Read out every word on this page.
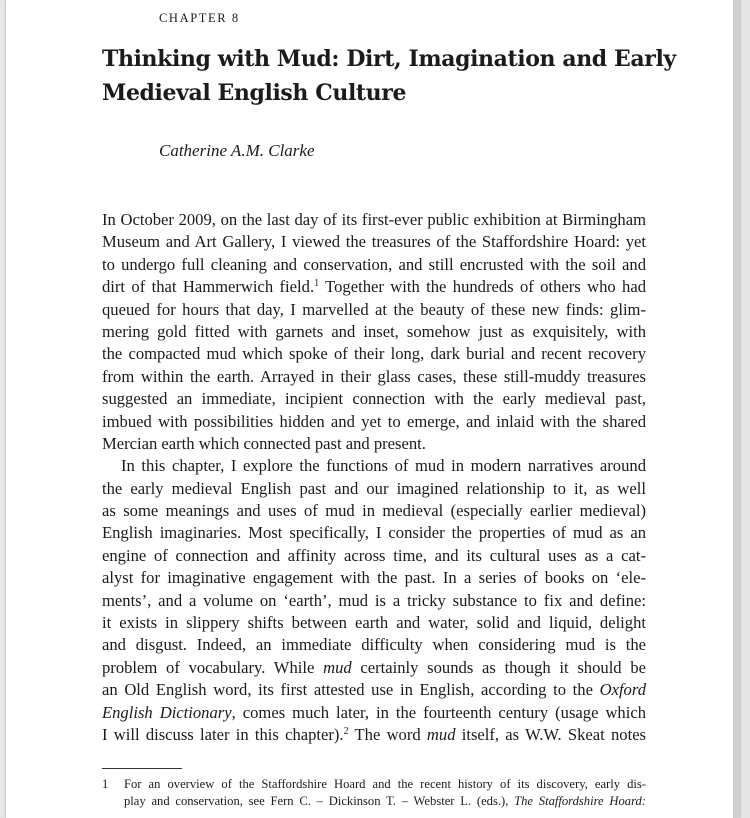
CHAPTER 8
Thinking with Mud: Dirt, Imagination and Early
Medieval English Culture
Catherine A.M. Clarke
In October 2009, on the last day of its first-ever public exhibition at Birmingham
Museum and Art Gallery, I viewed the treasures of the Staffordshire Hoard: yet
to undergo full cleaning and conservation, and still encrusted with the soil and
dirt of that Hammerwich field.$^1$ Together with the hundreds of others who had
queued for hours that day, I marvelled at the beauty of these new finds: glim-
mering gold fitted with garnets and inset, somehow just as exquisitely, with
the compacted mud which spoke of their long, dark burial and recent recovery
from within the earth. Arrayed in their glass cases, these still-muddy treasures
suggested an immediate, incipient connection with the early medieval past,
imbued with possibilities hidden and yet to emerge, and inlaid with the shared
Mercian earth which connected past and present.
In this chapter, I explore the functions of mud in modern narratives around
the early medieval English past and our imagined relationship to it, as well
as some meanings and uses of mud in medieval (especially earlier medieval)
English imaginaries. Most specifically, I consider the properties of mud as an
engine of connection and affinity across time, and its cultural uses as a cat-
alyst for imaginative engagement with the past. In a series of books on ‘ele-
ments’, and a volume on ‘earth’, mud is a tricky substance to fix and define:
it exists in slippery shifts between earth and water, solid and liquid, delight
and disgust. Indeed, an immediate difficulty when considering mud is the
problem of vocabulary. While mud certainly sounds as though it should be
an Old English word, its first attested use in English, according to the Oxford
English Dictionary, comes much later, in the fourteenth century (usage which
I will discuss later in this chapter).$^2$ The word mud itself, as W.W. Skeat notes
1 For an overview of the Staffordshire Hoard and the recent history of its discovery, early dis-
play and conservation, see Fern C. – Dickinson T. – Webster L. (eds.), The Staffordshire Hoard:
